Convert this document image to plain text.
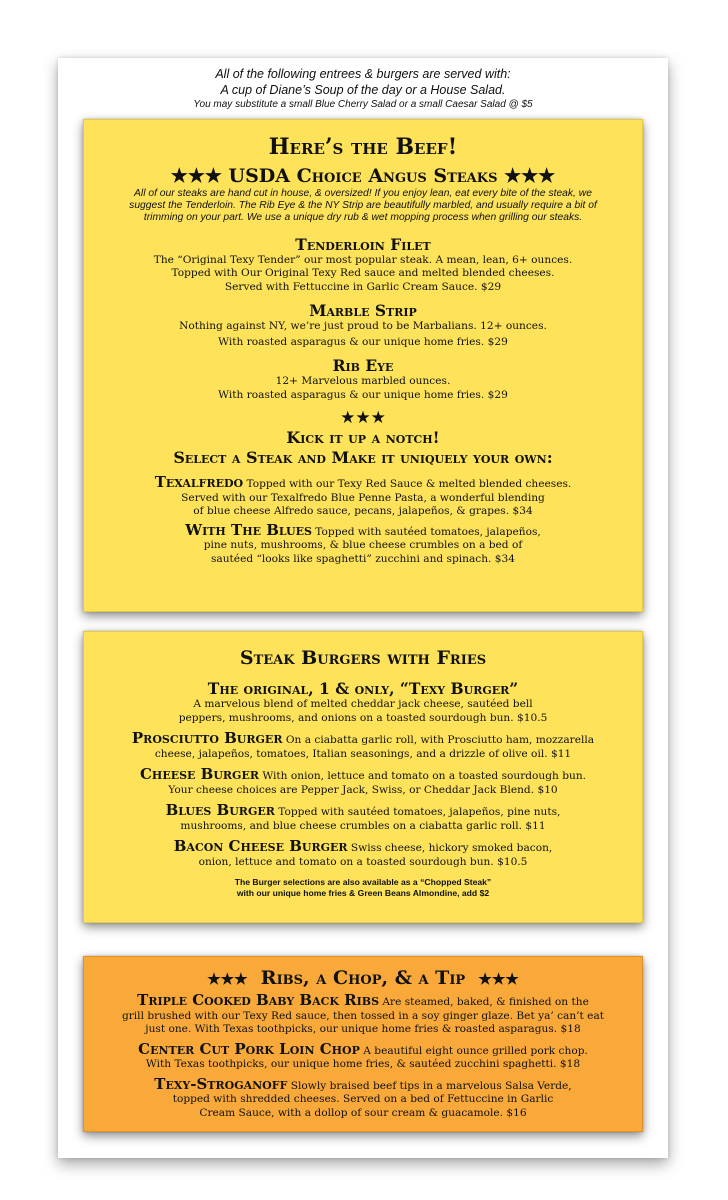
All of the following entrees & burgers are served with:
A cup of Diane’s Soup of the day or a House Salad.
You may substitute a small Blue Cherry Salad or a small Caesar Salad @ $5
Here’s the Beef!
★★★ USDA Choice Angus Steaks ★★★
All of our steaks are hand cut in house, & oversized! If you enjoy lean, eat every bite of the steak, we suggest the Tenderloin. The Rib Eye & the NY Strip are beautifully marbled, and usually require a bit of trimming on your part. We use a unique dry rub & wet mopping process when grilling our steaks.
Tenderloin Filet
The “Original Texy Tender” our most popular steak. A mean, lean, 6+ ounces.
Topped with Our Original Texy Red sauce and melted blended cheeses.
Served with Fettuccine in Garlic Cream Sauce. $29
Marble Strip
Nothing against NY, we’re just proud to be Marbalians. 12+ ounces.
With roasted asparagus & our unique home fries. $29
Rib Eye
12+ Marvelous marbled ounces.
With roasted asparagus & our unique home fries. $29
★★★
Kick it up a notch!
Select a Steak and Make it uniquely your own:
Texalfredo Topped with our Texy Red Sauce & melted blended cheeses.
Served with our Texalfredo Blue Penne Pasta, a wonderful blending
of blue cheese Alfredo sauce, pecans, jalapeños, & grapes. $34
With The Blues Topped with sautéed tomatoes, jalapeños,
pine nuts, mushrooms, & blue cheese crumbles on a bed of
sautéed “looks like spaghetti” zucchini and spinach. $34
Steak Burgers with Fries
The original, 1 & only, “Texy Burger”
A marvelous blend of melted cheddar jack cheese, sautéed bell
peppers, mushrooms, and onions on a toasted sourdough bun. $10.5
Prosciutto Burger On a ciabatta garlic roll, with Prosciutto ham, mozzarella
cheese, jalapeños, tomatoes, Italian seasonings, and a drizzle of olive oil. $11
Cheese Burger With onion, lettuce and tomato on a toasted sourdough bun.
Your cheese choices are Pepper Jack, Swiss, or Cheddar Jack Blend. $10
Blues Burger Topped with sautéed tomatoes, jalapeños, pine nuts,
mushrooms, and blue cheese crumbles on a ciabatta garlic roll. $11
Bacon Cheese Burger Swiss cheese, hickory smoked bacon,
onion, lettuce and tomato on a toasted sourdough bun. $10.5
The Burger selections are also available as a “Chopped Steak”
with our unique home fries & Green Beans Almondine, add $2
★★★ Ribs, a Chop, & a Tip ★★★
Triple Cooked Baby Back Ribs Are steamed, baked, & finished on the
grill brushed with our Texy Red sauce, then tossed in a soy ginger glaze. Bet ya’ can’t eat
just one. With Texas toothpicks, our unique home fries & roasted asparagus. $18
Center Cut Pork Loin Chop A beautiful eight ounce grilled pork chop.
With Texas toothpicks, our unique home fries, & sautéed zucchini spaghetti. $18
Texy-Stroganoff Slowly braised beef tips in a marvelous Salsa Verde,
topped with shredded cheeses. Served on a bed of Fettuccine in Garlic
Cream Sauce, with a dollop of sour cream & guacamole. $16
